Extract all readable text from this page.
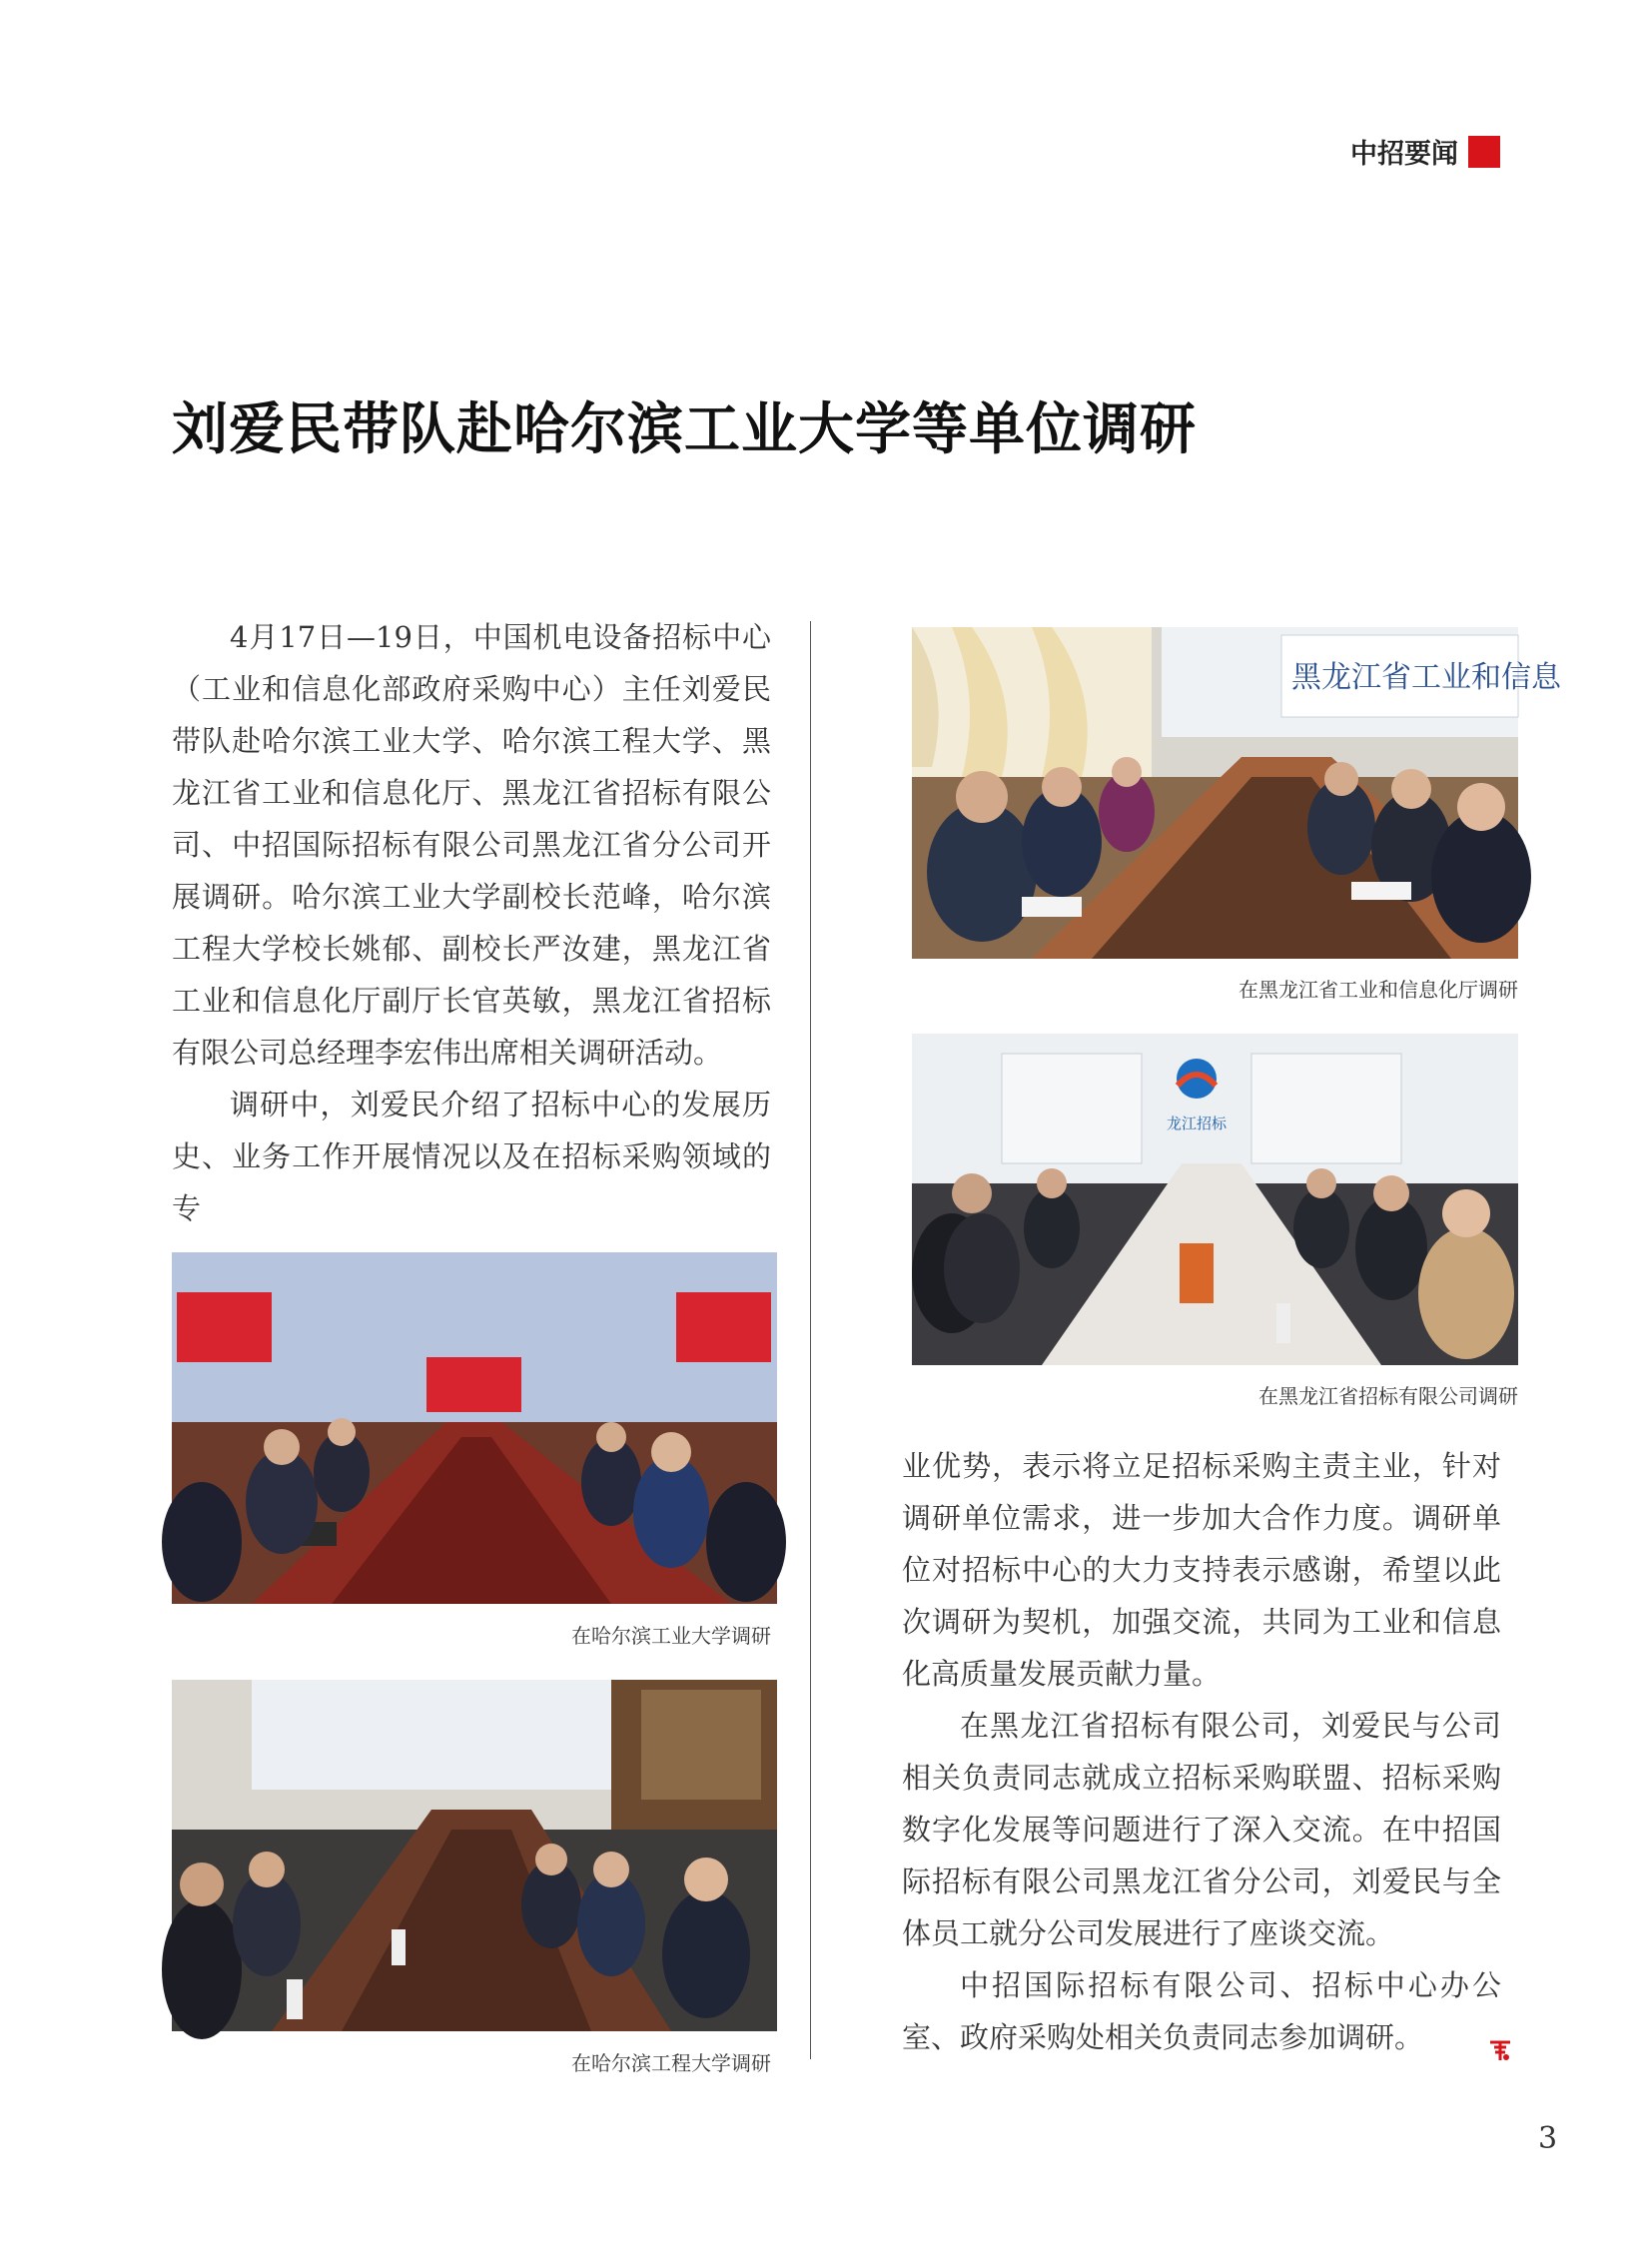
中招要闻
刘爱民带队赴哈尔滨工业大学等单位调研

4月17日—19日，中国机电设备招标中心（工业和信息化部政府采购中心）主任刘爱民带队赴哈尔滨工业大学、哈尔滨工程大学、黑龙江省工业和信息化厅、黑龙江省招标有限公司、中招国际招标有限公司黑龙江省分公司开展调研。哈尔滨工业大学副校长范峰，哈尔滨工程大学校长姚郁、副校长严汝建，黑龙江省工业和信息化厅副厅长官英敏，黑龙江省招标有限公司总经理李宏伟出席相关调研活动。

调研中，刘爱民介绍了招标中心的发展历史、业务工作开展情况以及在招标采购领域的专

黑龙江省工业和信息
在黑龙江省工业和信息化厅调研
龙江招标
在黑龙江省招标有限公司调研
在哈尔滨工业大学调研
在哈尔滨工程大学调研

业优势，表示将立足招标采购主责主业，针对调研单位需求，进一步加大合作力度。调研单位对招标中心的大力支持表示感谢，希望以此次调研为契机，加强交流，共同为工业和信息化高质量发展贡献力量。

在黑龙江省招标有限公司，刘爱民与公司相关负责同志就成立招标采购联盟、招标采购数字化发展等问题进行了深入交流。在中招国际招标有限公司黑龙江省分公司，刘爱民与全体员工就分公司发展进行了座谈交流。

中招国际招标有限公司、招标中心办公室、政府采购处相关负责同志参加调研。

3
